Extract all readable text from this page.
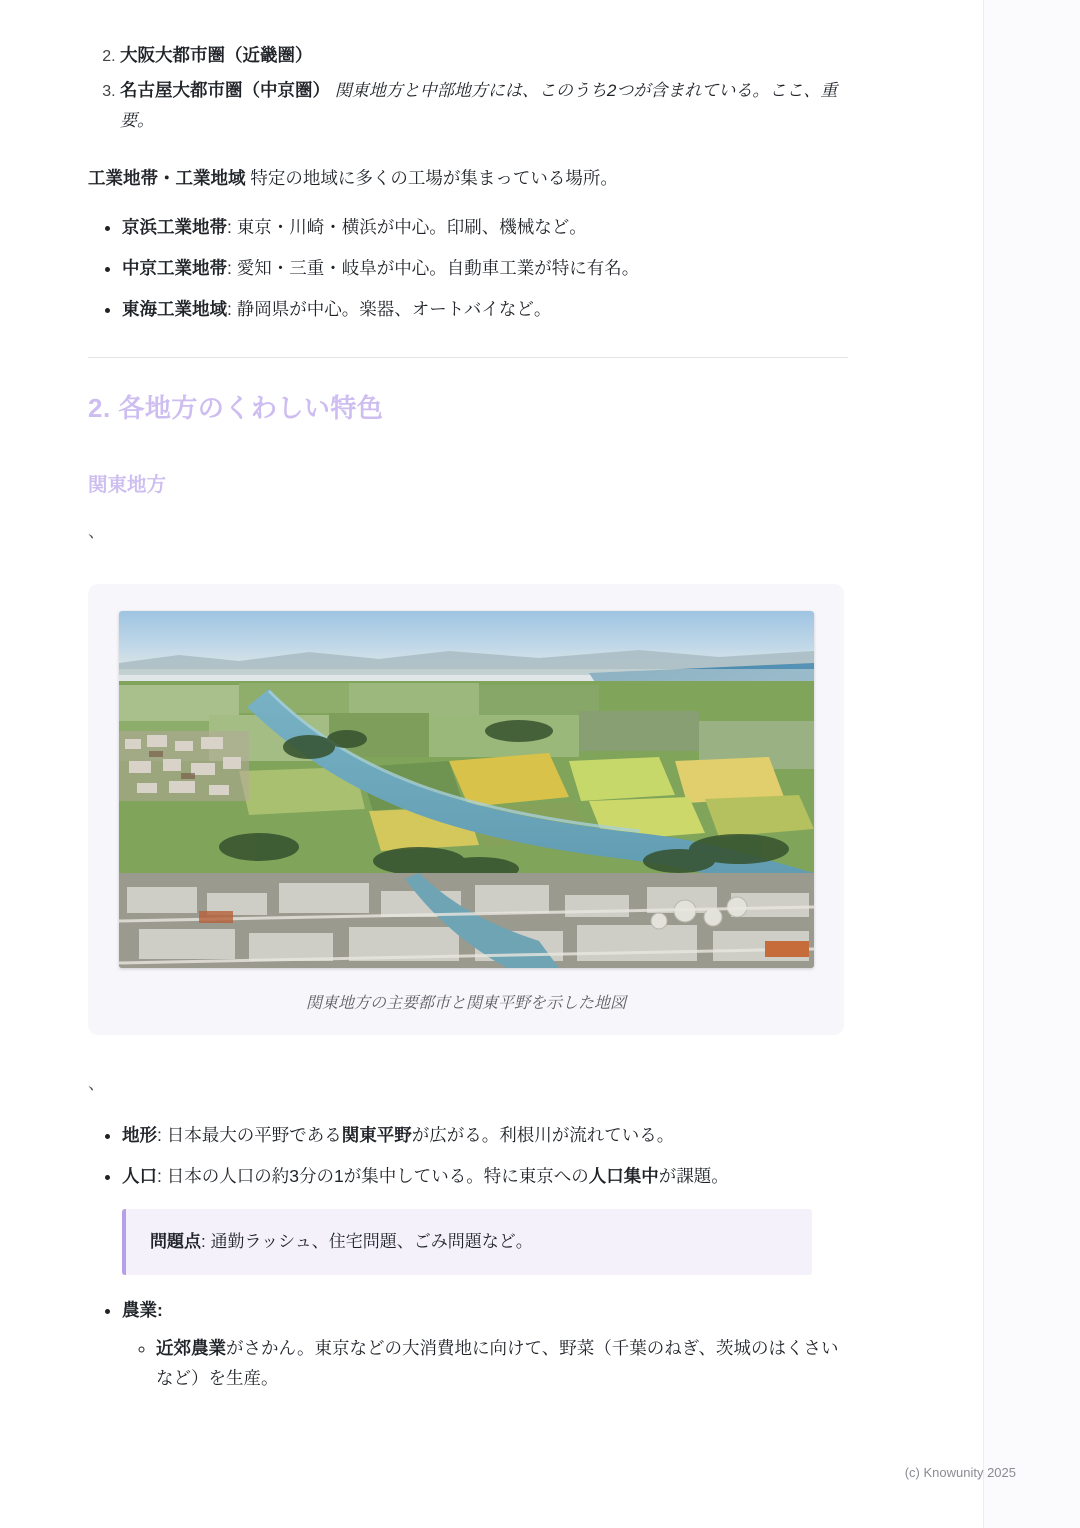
2. 大阪大都市圏（近畿圏）
3. 名古屋大都市圏（中京圏） 関東地方と中部地方には、このうち2つが含まれている。ここ、重要。

工業地帯・工業地域 特定の地域に多くの工場が集まっている場所。

• 京浜工業地帯: 東京・川崎・横浜が中心。印刷、機械など。
• 中京工業地帯: 愛知・三重・岐阜が中心。自動車工業が特に有名。
• 東海工業地域: 静岡県が中心。楽器、オートバイなど。
2. 各地方のくわしい特色
関東地方
、
関東地方の主要都市と関東平野を示した地図
、
• 地形: 日本最大の平野である関東平野が広がる。利根川が流れている。
• 人口: 日本の人口の約3分の1が集中している。特に東京への人口集中が課題。

問題点: 通勤ラッシュ、住宅問題、ごみ問題など。

• 農業:
◦ 近郊農業がさかん。東京などの大消費地に向けて、野菜（千葉のねぎ、茨城のはくさいなど）を生産。
(c) Knowunity 2025
